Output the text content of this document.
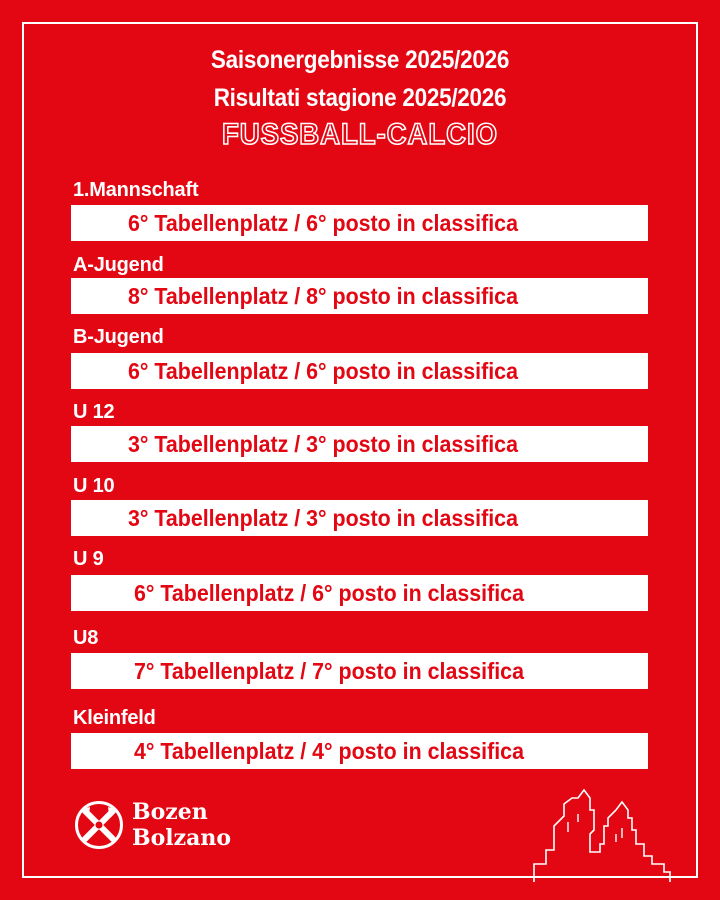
Saisonergebnisse 2025/2026
Risultati stagione 2025/2026
FUSSBALL-CALCIO
1.Mannschaft
6° Tabellenplatz / 6° posto in classifica
A-Jugend
8° Tabellenplatz / 8° posto in classifica
B-Jugend
6° Tabellenplatz / 6° posto in classifica
U 12
3° Tabellenplatz / 3° posto in classifica
U 10
3° Tabellenplatz / 3° posto in classifica
U 9
6° Tabellenplatz / 6° posto in classifica
U8
7° Tabellenplatz / 7° posto in classifica
Kleinfeld
4° Tabellenplatz / 4° posto in classifica
Bozen
Bolzano
